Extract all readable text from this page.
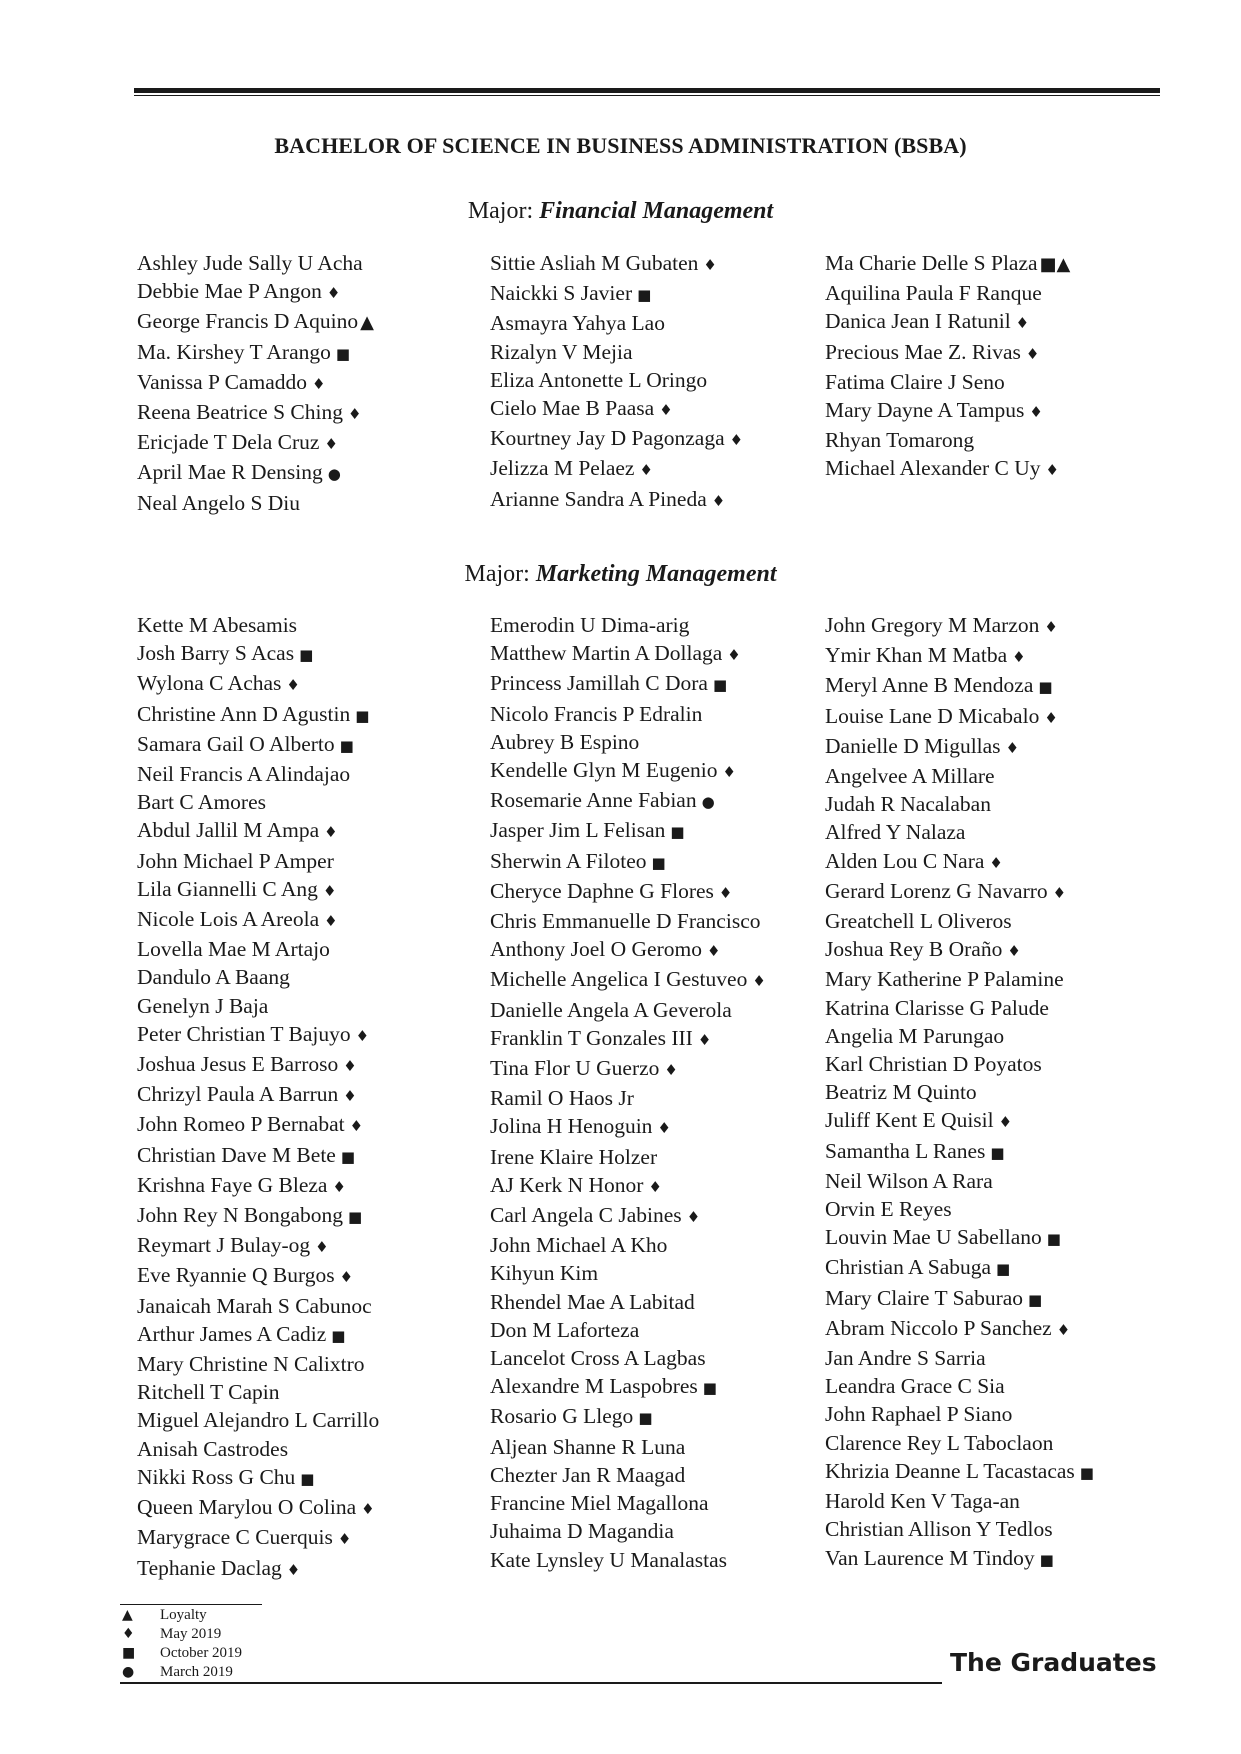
BACHELOR OF SCIENCE IN BUSINESS ADMINISTRATION (BSBA)
Major: Financial Management
Ashley Jude Sally U Acha
Debbie Mae P Angon ♦
George Francis D Aquino ▲
Ma. Kirshey T Arango ■
Vanissa P Camaddo ♦
Reena Beatrice S Ching ♦
Ericjade T Dela Cruz ♦
April Mae R Densing ●
Neal Angelo S Diu
Sittie Asliah M Gubaten ♦
Naickki S Javier ■
Asmayra Yahya Lao
Rizalyn V Mejia
Eliza Antonette L Oringo
Cielo Mae B Paasa ♦
Kourtney Jay D Pagonzaga ♦
Jelizza M Pelaez ♦
Arianne Sandra A Pineda ♦
Ma Charie Delle S Plaza ■▲
Aquilina Paula F Ranque
Danica Jean I Ratunil ♦
Precious Mae Z. Rivas ♦
Fatima Claire J Seno
Mary Dayne A Tampus ♦
Rhyan Tomarong
Michael Alexander C Uy ♦
Major: Marketing Management
Kette M Abesamis
Josh Barry S Acas ■
Wylona C Achas ♦
Christine Ann D Agustin ■
Samara Gail O Alberto ■
Neil Francis A Alindajao
Bart C Amores
Abdul Jallil M Ampa ♦
John Michael P Amper
Lila Giannelli C Ang ♦
Nicole Lois A Areola ♦
Lovella Mae M Artajo
Dandulo A Baang
Genelyn J Baja
Peter Christian T Bajuyo ♦
Joshua Jesus E Barroso ♦
Chrizyl Paula A Barrun ♦
John Romeo P Bernabat ♦
Christian Dave M Bete ■
Krishna Faye G Bleza ♦
John Rey N Bongabong ■
Reymart J Bulay-og ♦
Eve Ryannie Q Burgos ♦
Janaicah Marah S Cabunoc
Arthur James A Cadiz ■
Mary Christine N Calixtro
Ritchell T Capin
Miguel Alejandro L Carrillo
Anisah Castrodes
Nikki Ross G Chu ■
Queen Marylou O Colina ♦
Marygrace C Cuerquis ♦
Tephanie Daclag ♦
Emerodin U Dima-arig
Matthew Martin A Dollaga ♦
Princess Jamillah C Dora ■
Nicolo Francis P Edralin
Aubrey B Espino
Kendelle Glyn M Eugenio ♦
Rosemarie Anne Fabian ●
Jasper Jim L Felisan ■
Sherwin A Filoteo ■
Cheryce Daphne G Flores ♦
Chris Emmanuelle D Francisco
Anthony Joel O Geromo ♦
Michelle Angelica I Gestuveo ♦
Danielle Angela A Geverola
Franklin T Gonzales III ♦
Tina Flor U Guerzo ♦
Ramil O Haos Jr
Jolina H Henoguin ♦
Irene Klaire Holzer
AJ Kerk N Honor ♦
Carl Angela C Jabines ♦
John Michael A Kho
Kihyun Kim
Rhendel Mae A Labitad
Don M Laforteza
Lancelot Cross A Lagbas
Alexandre M Laspobres ■
Rosario G Llego ■
Aljean Shanne R Luna
Chezter Jan R Maagad
Francine Miel Magallona
Juhaima D Magandia
Kate Lynsley U Manalastas
John Gregory M Marzon ♦
Ymir Khan M Matba ♦
Meryl Anne B Mendoza ■
Louise Lane D Micabalo ♦
Danielle D Migullas ♦
Angelvee A Millare
Judah R Nacalaban
Alfred Y Nalaza
Alden Lou C Nara ♦
Gerard Lorenz G Navarro ♦
Greatchell L Oliveros
Joshua Rey B Oraño ♦
Mary Katherine P Palamine
Katrina Clarisse G Palude
Angelia M Parungao
Karl Christian D Poyatos
Beatriz M Quinto
Juliff Kent E Quisil ♦
Samantha L Ranes ■
Neil Wilson A Rara
Orvin E Reyes
Louvin Mae U Sabellano ■
Christian A Sabuga ■
Mary Claire T Saburao ■
Abram Niccolo P Sanchez ♦
Jan Andre S Sarria
Leandra Grace C Sia
John Raphael P Siano
Clarence Rey L Taboclaon
Khrizia Deanne L Tacastacas ■
Harold Ken V Taga-an
Christian Allison Y Tedlos
Van Laurence M Tindoy ■
▲ Loyalty
♦ May 2019
■ October 2019
● March 2019	The Graduates
